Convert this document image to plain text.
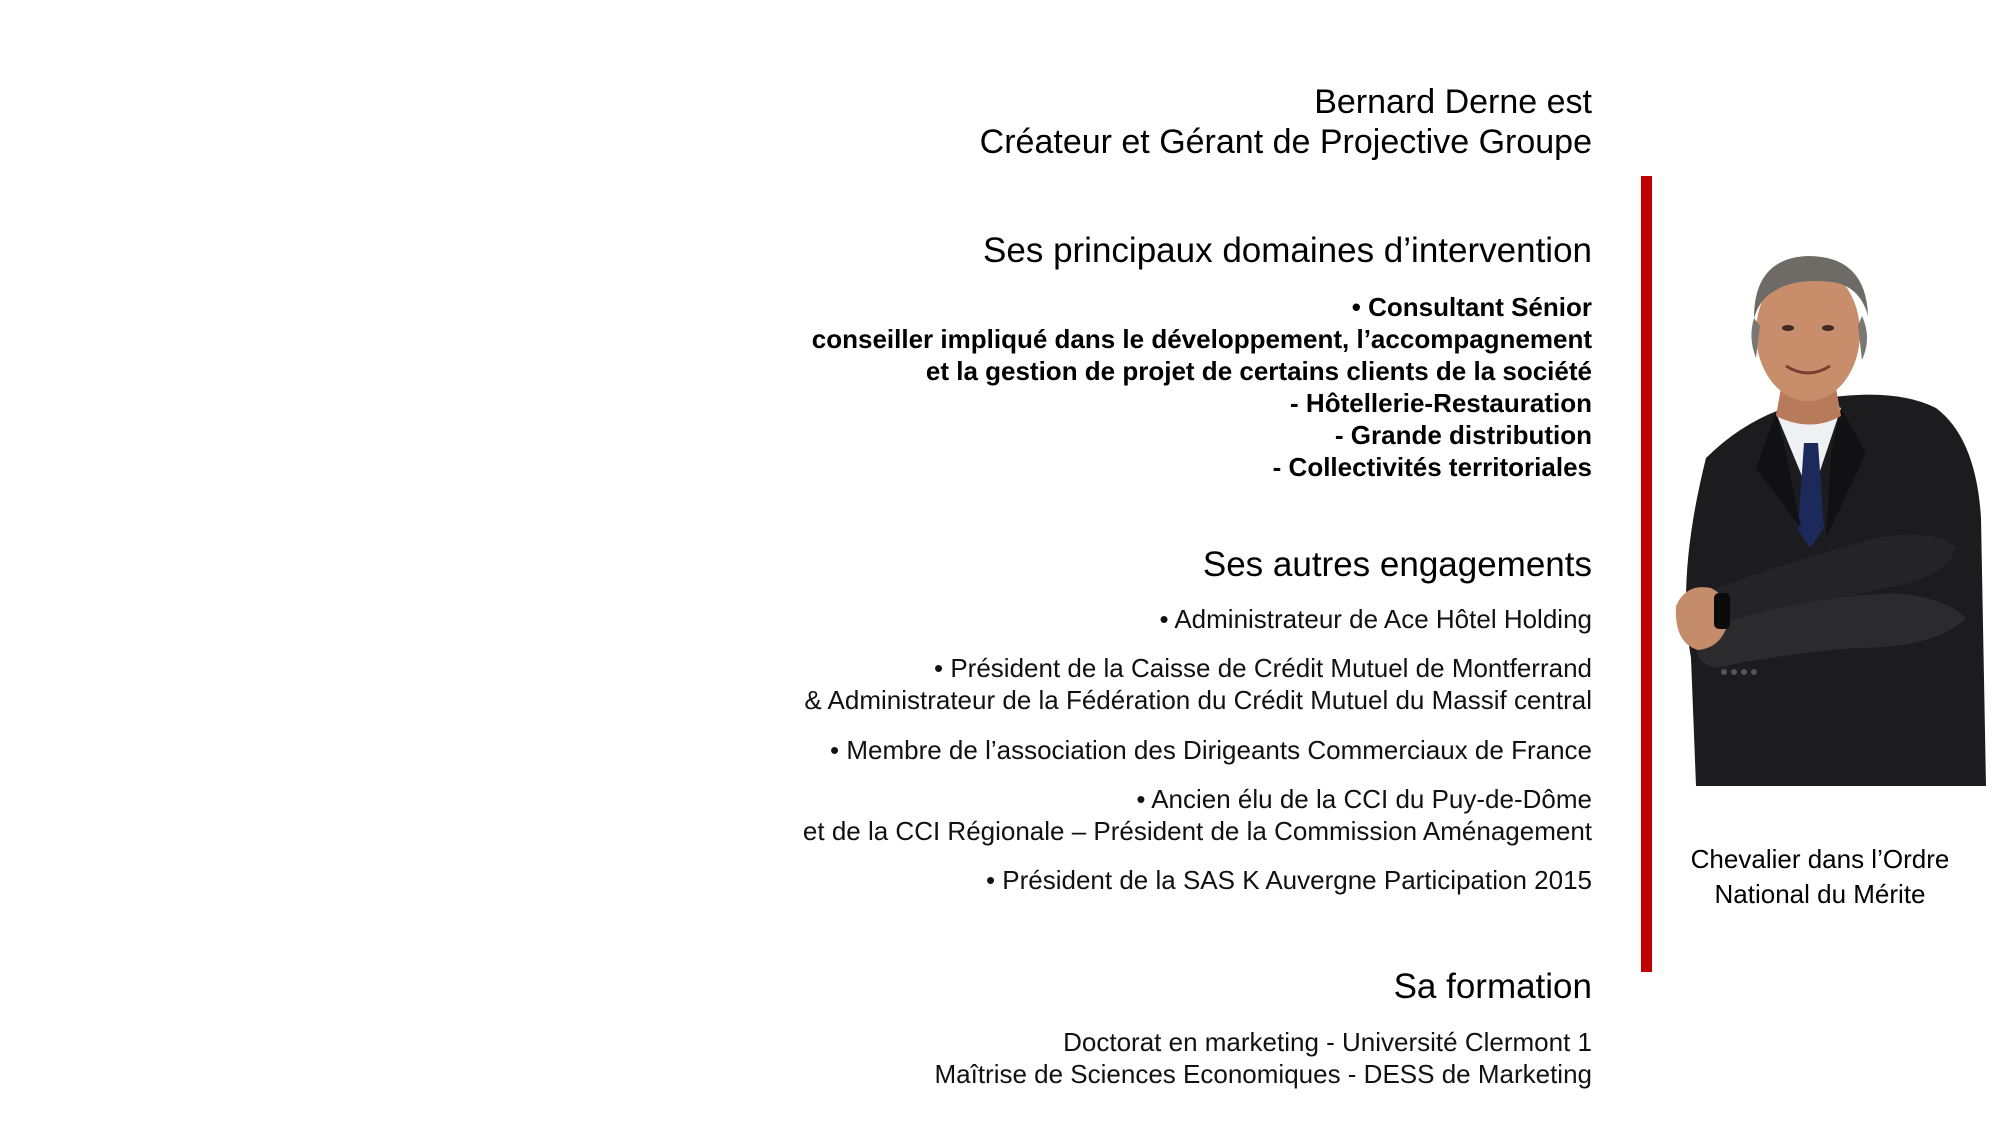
Bernard Derne est
Créateur et Gérant de Projective Groupe
Ses principaux domaines d’intervention
• Consultant Sénior
conseiller impliqué dans le développement, l’accompagnement
et la gestion de projet de certains clients de la société
- Hôtellerie-Restauration
- Grande distribution
- Collectivités territoriales
Ses autres engagements
• Administrateur de Ace Hôtel Holding
• Président de la Caisse de Crédit Mutuel de Montferrand
& Administrateur de la Fédération du Crédit Mutuel du Massif central
• Membre de l’association des Dirigeants Commerciaux de France
• Ancien élu de la CCI du Puy-de-Dôme
et de la CCI Régionale – Président de la Commission Aménagement
• Président de la SAS K Auvergne Participation 2015
Sa formation
Doctorat en marketing - Université Clermont 1
Maîtrise de Sciences Economiques - DESS de Marketing
Chevalier dans l’Ordre
National du Mérite
